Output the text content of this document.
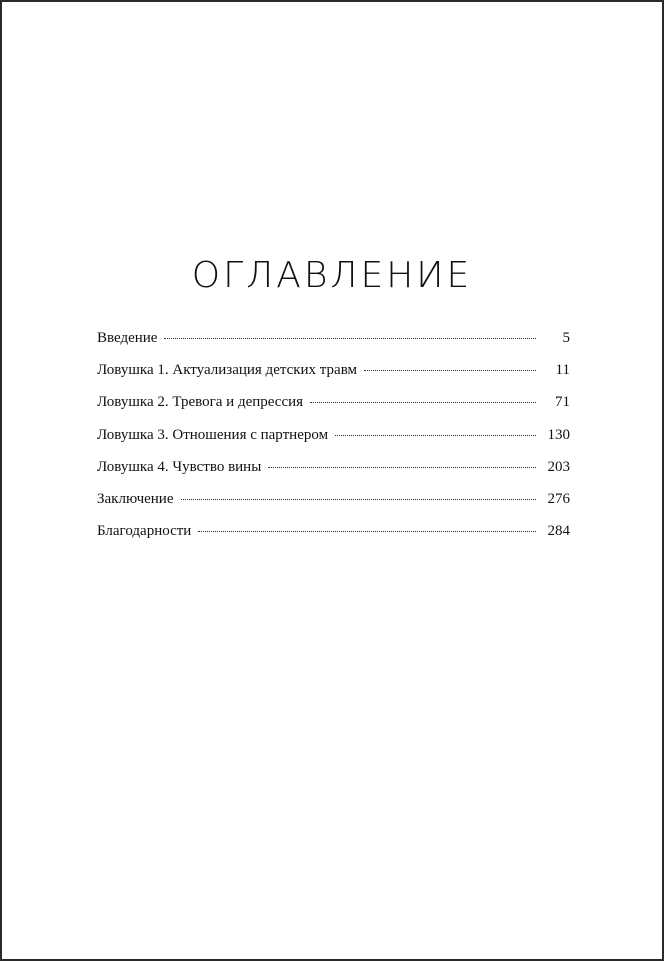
ОГЛАВЛЕНИЕ
Введение	5
Ловушка 1. Актуализация детских травм	11
Ловушка 2. Тревога и депрессия	71
Ловушка 3. Отношения с партнером	130
Ловушка 4. Чувство вины	203
Заключение	276
Благодарности	284
